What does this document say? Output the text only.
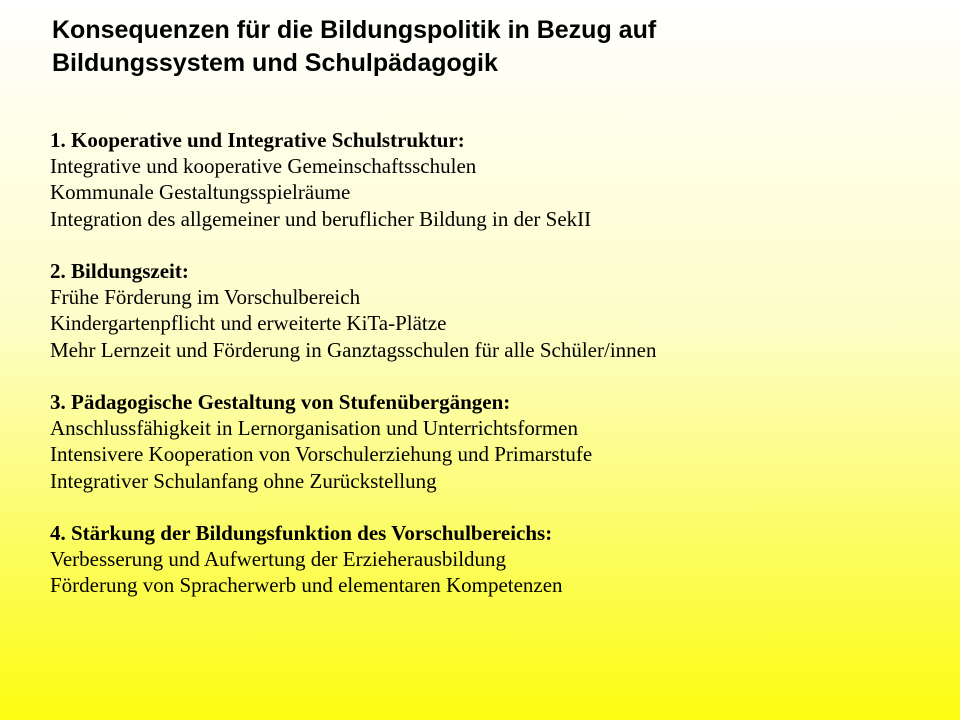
Konsequenzen für die Bildungspolitik in Bezug auf
Bildungssystem und Schulpädagogik
1. Kooperative und Integrative Schulstruktur:
Integrative und kooperative Gemeinschaftsschulen
Kommunale Gestaltungsspielräume
Integration des allgemeiner und beruflicher Bildung in der SekII
2. Bildungszeit:
Frühe Förderung im Vorschulbereich
Kindergartenpflicht und erweiterte KiTa-Plätze
Mehr Lernzeit und Förderung in Ganztagsschulen für alle Schüler/innen
3. Pädagogische Gestaltung von Stufenübergängen:
Anschlussfähigkeit in Lernorganisation und Unterrichtsformen
Intensivere Kooperation von Vorschulerziehung und Primarstufe
Integrativer Schulanfang ohne Zurückstellung
4. Stärkung der Bildungsfunktion des Vorschulbereichs:
Verbesserung und Aufwertung der Erzieherausbildung
Förderung von Spracherwerb und elementaren Kompetenzen
